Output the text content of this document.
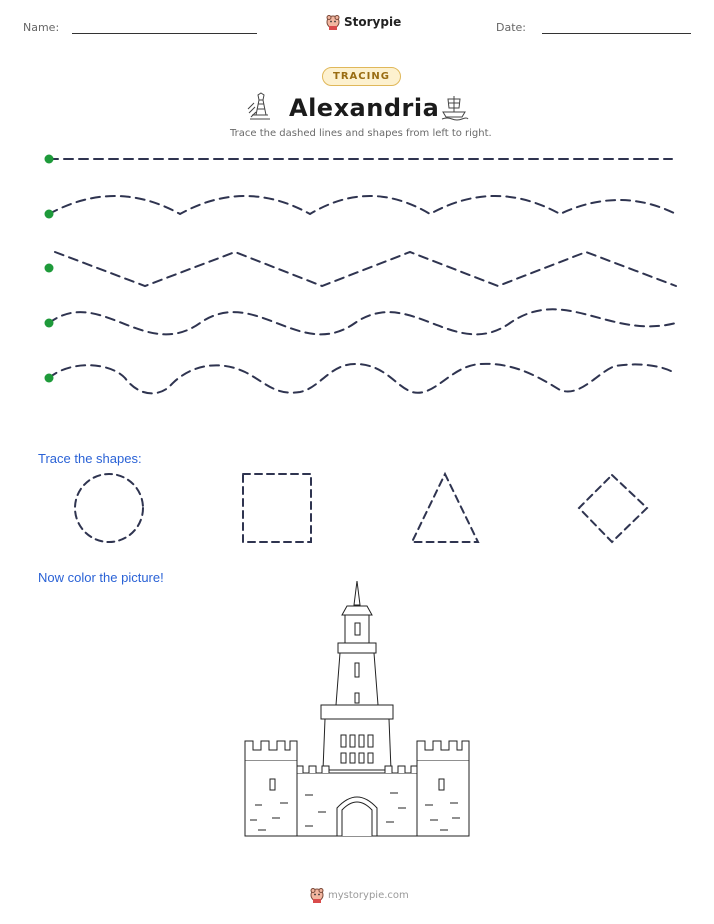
Name:	Storypie	Date:
TRACING
Alexandria
Trace the dashed lines and shapes from left to right.
Trace the shapes:
Now color the picture!
mystorypie.com
